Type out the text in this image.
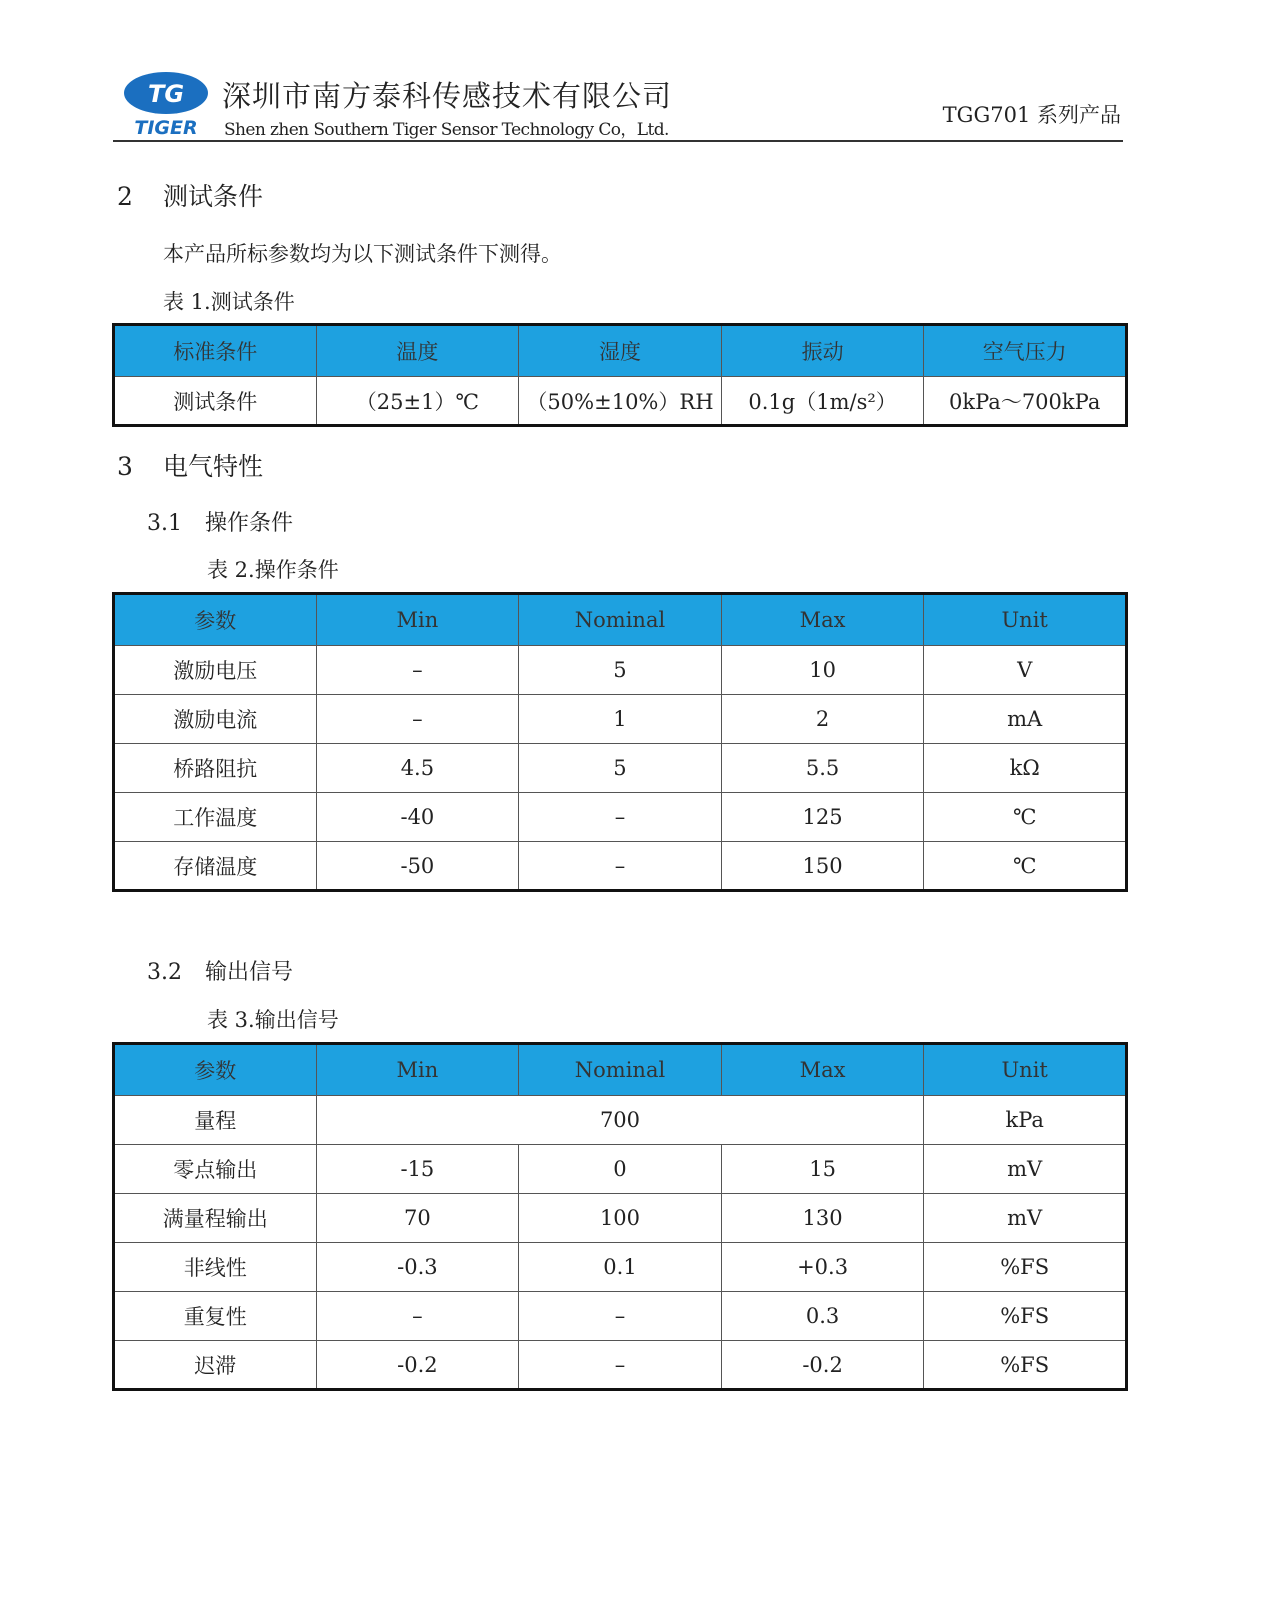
TG
TIGER
深圳市南方泰科传感技术有限公司
Shen zhen Southern Tiger Sensor Technology Co，Ltd.
TGG701 系列产品
2 测试条件
本产品所标参数均为以下测试条件下测得。
表 1.测试条件
标准条件	温度	湿度	振动	空气压力
测试条件	（25±1）℃	（50%±10%）RH	0.1g（1m/s²）	0kPa～700kPa
3 电气特性
3.1 操作条件
表 2.操作条件
参数	Min	Nominal	Max	Unit
激励电压	–	5	10	V
激励电流	–	1	2	mA
桥路阻抗	4.5	5	5.5	kΩ
工作温度	-40	–	125	℃
存储温度	-50	–	150	℃
3.2 输出信号
表 3.输出信号
参数	Min	Nominal	Max	Unit
量程	700			kPa
零点输出	-15	0	15	mV
满量程输出	70	100	130	mV
非线性	-0.3	0.1	+0.3	%FS
重复性	–	–	0.3	%FS
迟滞	-0.2	–	-0.2	%FS
